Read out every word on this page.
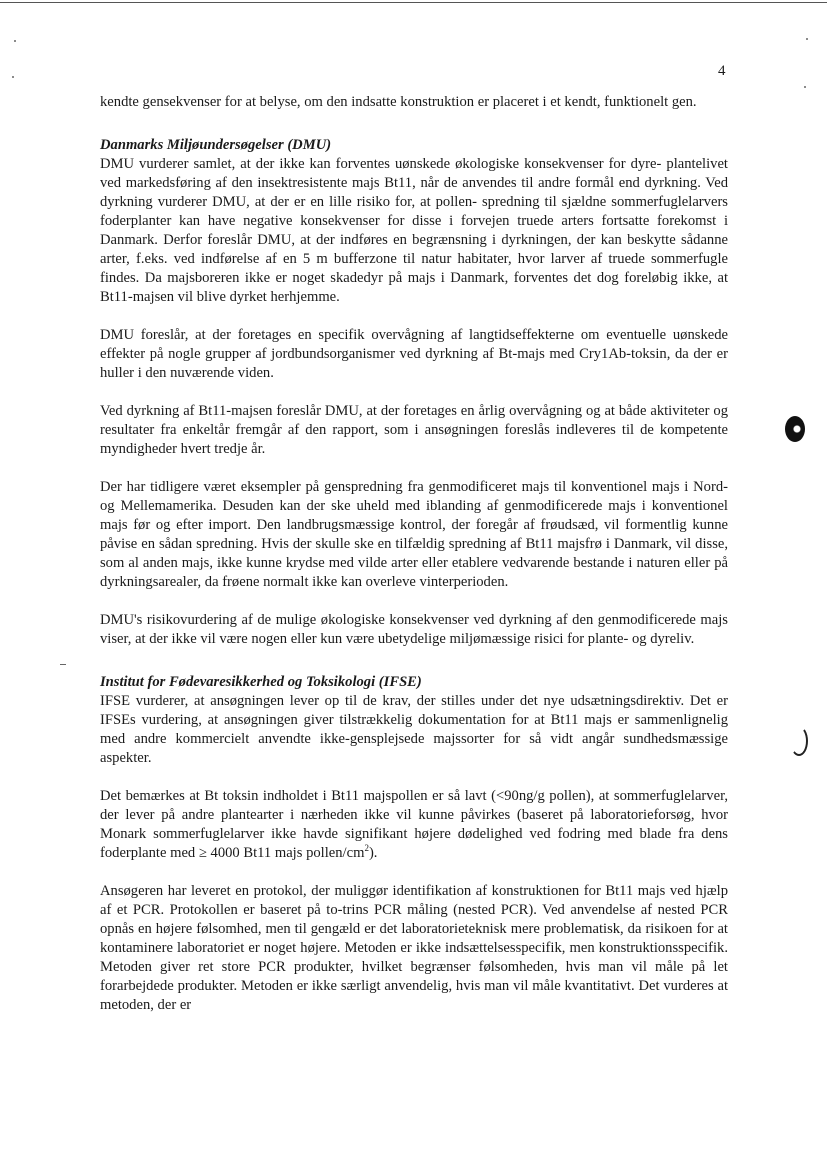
4

kendte gensekvenser for at belyse, om den indsatte konstruktion er placeret i et kendt, funktionelt gen.

Danmarks Miljøundersøgelser (DMU)

DMU vurderer samlet, at der ikke kan forventes uønskede økologiske konsekvenser for dyre- plantelivet ved markedsføring af den insektresistente majs Bt11, når de anvendes til andre formål end dyrkning. Ved dyrkning vurderer DMU, at der er en lille risiko for, at pollen- spredning til sjældne sommerfuglelarvers foderplanter kan have negative konsekvenser for disse i forvejen truede arters fortsatte forekomst i Danmark. Derfor foreslår DMU, at der indføres en begrænsning i dyrkningen, der kan beskytte sådanne arter, f.eks. ved indførelse af en 5 m bufferzone til natur habitater, hvor larver af truede sommerfugle findes. Da majsboreren ikke er noget skadedyr på majs i Danmark, forventes det dog foreløbig ikke, at Bt11-majsen vil blive dyrket herhjemme.

DMU foreslår, at der foretages en specifik overvågning af langtidseffekterne om eventuelle uønskede effekter på nogle grupper af jordbundsorganismer ved dyrkning af Bt-majs med Cry1Ab-toksin, da der er huller i den nuværende viden.

Ved dyrkning af Bt11-majsen foreslår DMU, at der foretages en årlig overvågning og at både aktiviteter og resultater fra enkeltår fremgår af den rapport, som i ansøgningen foreslås indleveres til de kompetente myndigheder hvert tredje år.

Der har tidligere været eksempler på genspredning fra genmodificeret majs til konventionel majs i Nord- og Mellemamerika. Desuden kan der ske uheld med iblanding af genmodificerede majs i konventionel majs før og efter import. Den landbrugsmæssige kontrol, der foregår af frøudsæd, vil formentlig kunne påvise en sådan spredning. Hvis der skulle ske en tilfældig spredning af Bt11 majsfrø i Danmark, vil disse, som al anden majs, ikke kunne krydse med vilde arter eller etablere vedvarende bestande i naturen eller på dyrkningsarealer, da frøene normalt ikke kan overleve vinterperioden.

DMU's risikovurdering af de mulige økologiske konsekvenser ved dyrkning af den genmodificerede majs viser, at der ikke vil være nogen eller kun være ubetydelige miljømæssige risici for plante- og dyreliv.

Institut for Fødevaresikkerhed og Toksikologi (IFSE)

IFSE vurderer, at ansøgningen lever op til de krav, der stilles under det nye udsætningsdirektiv. Det er IFSEs vurdering, at ansøgningen giver tilstrækkelig dokumentation for at Bt11 majs er sammenlignelig med andre kommercielt anvendte ikke-gensplejsede majssorter for så vidt angår sundhedsmæssige aspekter.

Det bemærkes at Bt toksin indholdet i Bt11 majspollen er så lavt (<90ng/g pollen), at sommerfuglelarver, der lever på andre plantearter i nærheden ikke vil kunne påvirkes (baseret på laboratorieforsøg, hvor Monark sommerfuglelarver ikke havde signifikant højere dødelighed ved fodring med blade fra dens foderplante med ≥ 4000 Bt11 majs pollen/$cm^2$).

Ansøgeren har leveret en protokol, der muliggør identifikation af konstruktionen for Bt11 majs ved hjælp af et PCR. Protokollen er baseret på to-trins PCR måling (nested PCR). Ved anvendelse af nested PCR opnås en højere følsomhed, men til gengæld er det laboratorieteknisk mere problematisk, da risikoen for at kontaminere laboratoriet er noget højere. Metoden er ikke indsættelsesspecifik, men konstruktionsspecifik. Metoden giver ret store PCR produkter, hvilket begrænser følsomheden, hvis man vil måle på let forarbejdede produkter. Metoden er ikke særligt anvendelig, hvis man vil måle kvantitativt. Det vurderes at metoden, der er
